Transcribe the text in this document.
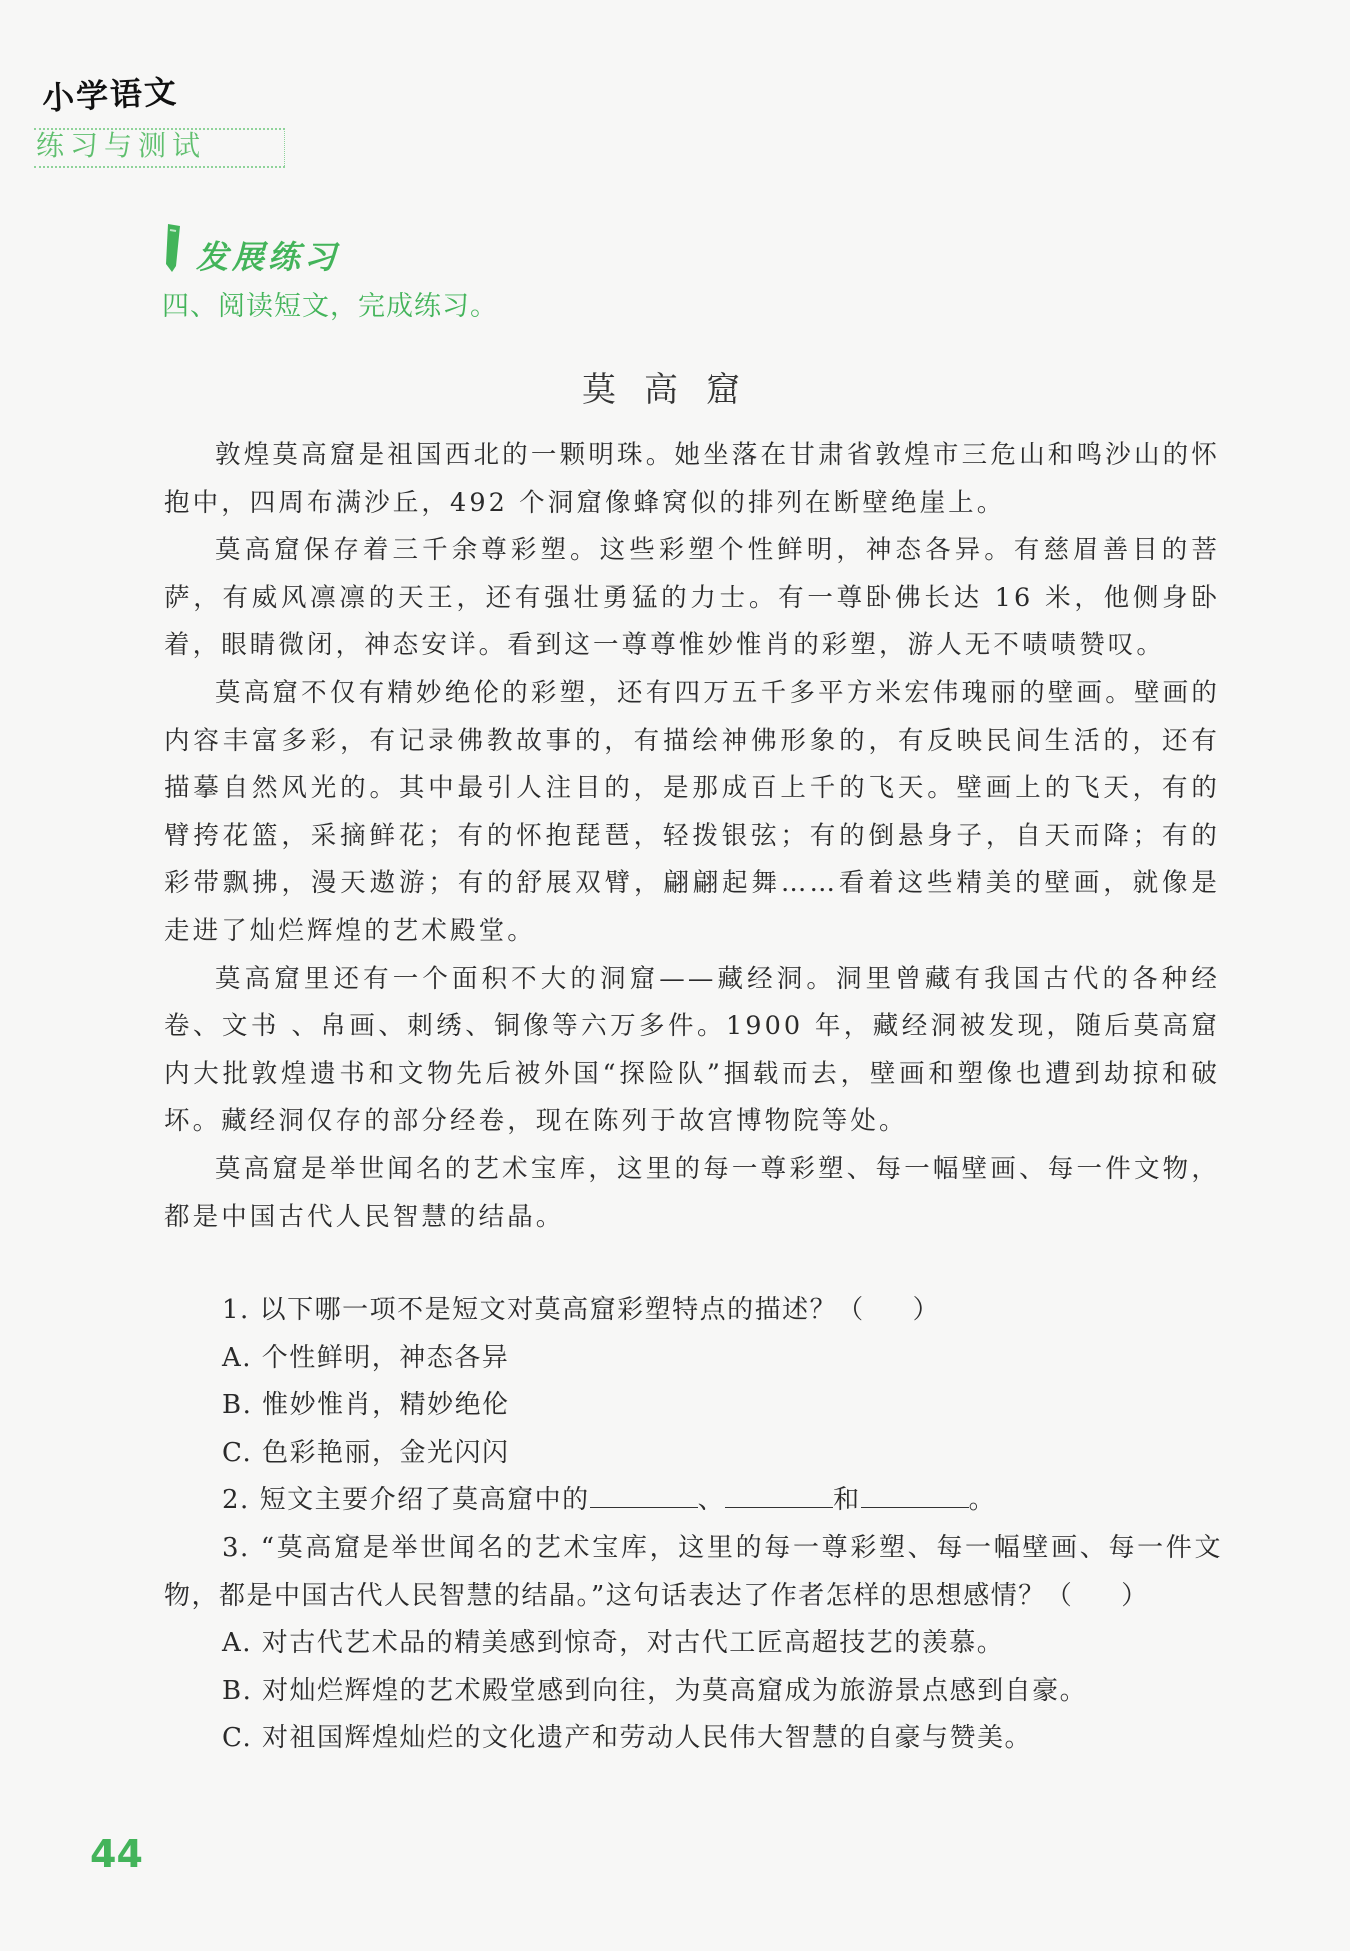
小学语文
练习与测试
发展练习
四、阅读短文，完成练习。
莫高窟

敦煌莫高窟是祖国西北的一颗明珠。她坐落在甘肃省敦煌市三危山和鸣沙山的怀抱中，四周布满沙丘，492 个洞窟像蜂窝似的排列在断壁绝崖上。

莫高窟保存着三千余尊彩塑。这些彩塑个性鲜明，神态各异。有慈眉善目的菩萨，有威风凛凛的天王，还有强壮勇猛的力士。有一尊卧佛长达 16 米，他侧身卧着，眼睛微闭，神态安详。看到这一尊尊惟妙惟肖的彩塑，游人无不啧啧赞叹。

莫高窟不仅有精妙绝伦的彩塑，还有四万五千多平方米宏伟瑰丽的壁画。壁画的内容丰富多彩，有记录佛教故事的，有描绘神佛形象的，有反映民间生活的，还有描摹自然风光的。其中最引人注目的，是那成百上千的飞天。壁画上的飞天，有的臂挎花篮，采摘鲜花；有的怀抱琵琶，轻拨银弦；有的倒悬身子，自天而降；有的彩带飘拂，漫天遨游；有的舒展双臂，翩翩起舞……看着这些精美的壁画，就像是走进了灿烂辉煌的艺术殿堂。

莫高窟里还有一个面积不大的洞窟——藏经洞。洞里曾藏有我国古代的各种经卷、文书 、帛画、刺绣、铜像等六万多件。1900 年，藏经洞被发现，随后莫高窟内大批敦煌遗书和文物先后被外国“探险队”掴载而去，壁画和塑像也遭到劫掠和破坏。藏经洞仅存的部分经卷，现在陈列于故宫博物院等处。

莫高窟是举世闻名的艺术宝库，这里的每一尊彩塑、每一幅壁画、每一件文物，都是中国古代人民智慧的结晶。

1. 以下哪一项不是短文对莫高窟彩塑特点的描述？（ ）
A. 个性鲜明，神态各异
B. 惟妙惟肖，精妙绝伦
C. 色彩艳丽，金光闪闪
2. 短文主要介绍了莫高窟中的	、	和	。
3. “莫高窟是举世闻名的艺术宝库，这里的每一尊彩塑、每一幅壁画、每一件文物，都是中国古代人民智慧的结晶。”这句话表达了作者怎样的思想感情？（ ）
A. 对古代艺术品的精美感到惊奇，对古代工匠高超技艺的羡慕。
B. 对灿烂辉煌的艺术殿堂感到向往，为莫高窟成为旅游景点感到自豪。
C. 对祖国辉煌灿烂的文化遗产和劳动人民伟大智慧的自豪与赞美。
44
